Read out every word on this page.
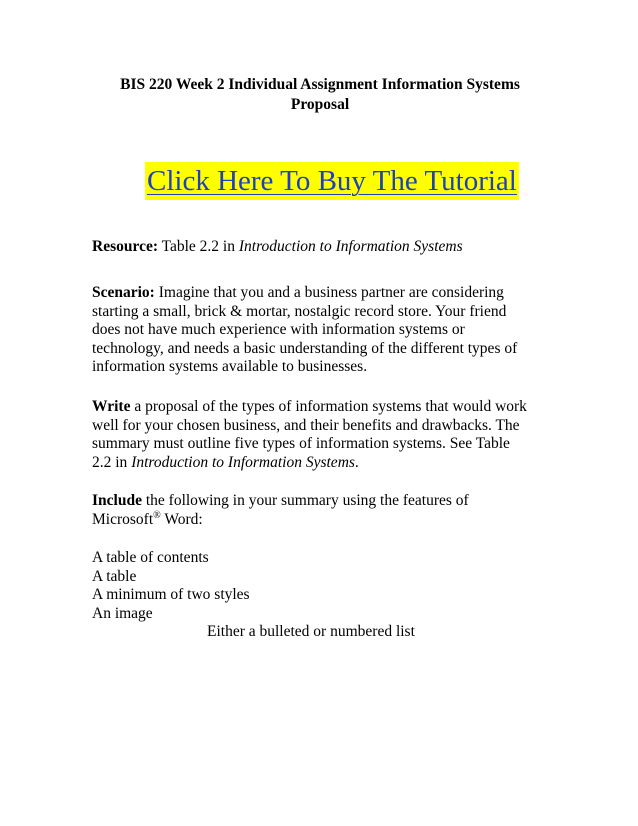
BIS 220 Week 2 Individual Assignment Information Systems
Proposal
Click Here To Buy The Tutorial
Resource: Table 2.2 in Introduction to Information Systems
Scenario: Imagine that you and a business partner are considering
starting a small, brick & mortar, nostalgic record store. Your friend
does not have much experience with information systems or
technology, and needs a basic understanding of the different types of
information systems available to businesses.
Write a proposal of the types of information systems that would work
well for your chosen business, and their benefits and drawbacks. The
summary must outline five types of information systems. See Table
2.2 in Introduction to Information Systems.
Include the following in your summary using the features of
Microsoft® Word:
A table of contents
A table
A minimum of two styles
An image
Either a bulleted or numbered list
